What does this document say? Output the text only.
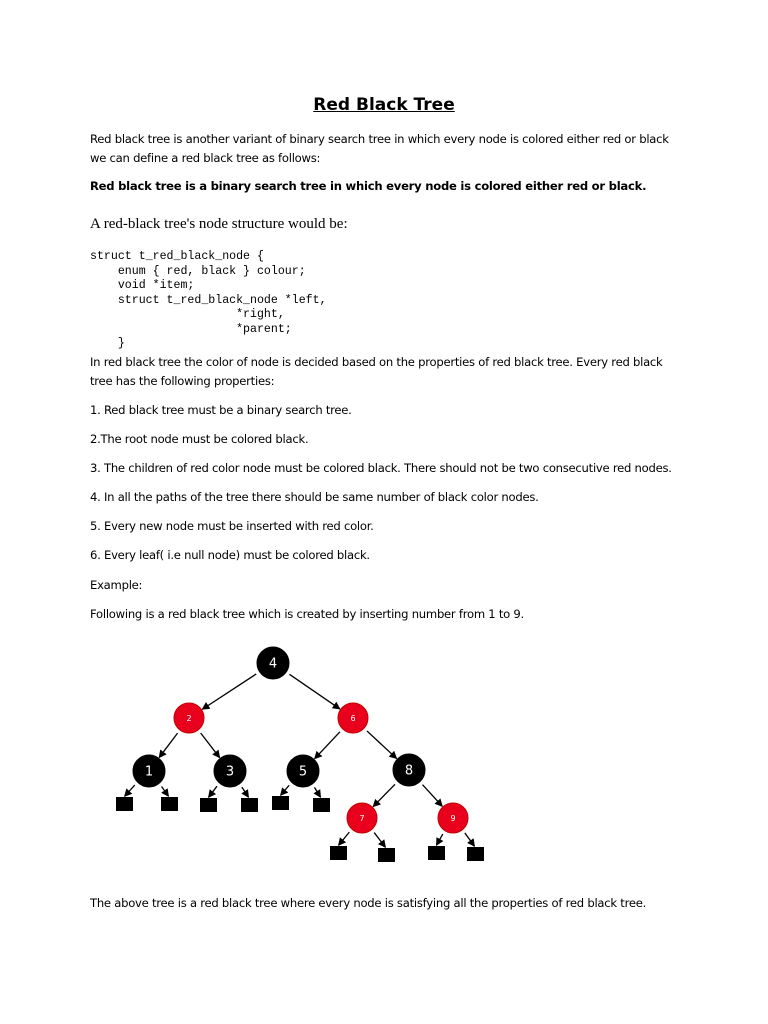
Red Black Tree
Red black tree is another variant of binary search tree in which every node is colored either red or black
we can define a red black tree as follows:
Red black tree is a binary search tree in which every node is colored either red or black.
A red-black tree's node structure would be:
struct t_red_black_node {
enum { red, black } colour;
void *item;
struct t_red_black_node *left,
*right,
*parent;
}
In red black tree the color of node is decided based on the properties of red black tree. Every red black
tree has the following properties:
1. Red black tree must be a binary search tree.
2.The root node must be colored black.
3. The children of red color node must be colored black. There should not be two consecutive red nodes.
4. In all the paths of the tree there should be same number of black color nodes.
5. Every new node must be inserted with red color.
6. Every leaf( i.e null node) must be colored black.
Example:
Following is a red black tree which is created by inserting number from 1 to 9.
4
2	6
1	3	5	8
7	9
The above tree is a red black tree where every node is satisfying all the properties of red black tree.
